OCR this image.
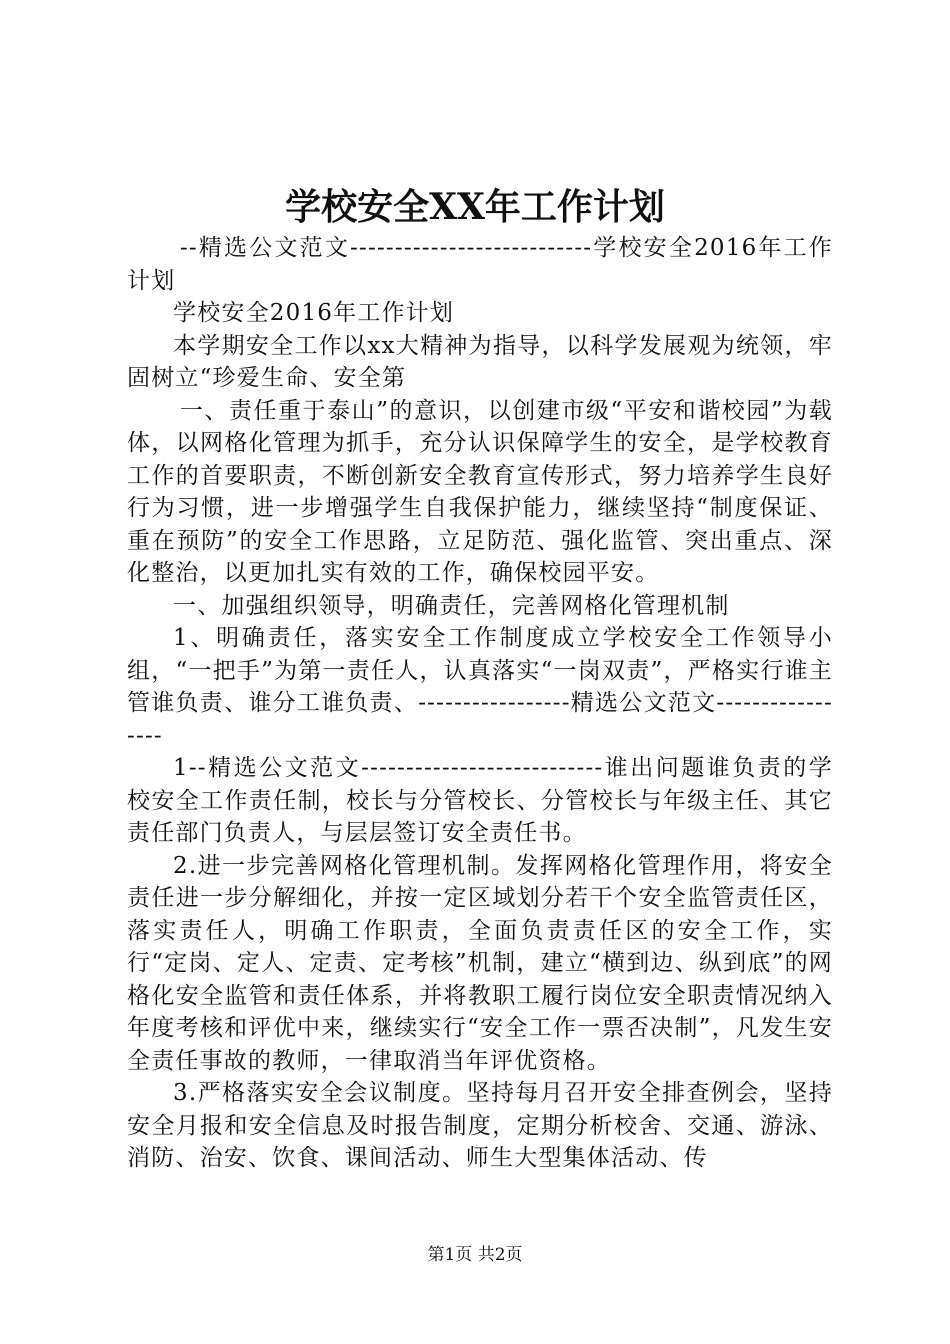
学校安全XX年工作计划

--精选公文范文---------------------------学校安全2016年工作计划

学校安全2016年工作计划

本学期安全工作以xx大精神为指导，以科学发展观为统领，牢固树立“珍爱生命、安全第

一、责任重于泰山”的意识，以创建市级“平安和谐校园”为载体，以网格化管理为抓手，充分认识保障学生的安全，是学校教育工作的首要职责，不断创新安全教育宣传形式，努力培养学生良好行为习惯，进一步增强学生自我保护能力，继续坚持“制度保证、重在预防”的安全工作思路，立足防范、强化监管、突出重点、深化整治，以更加扎实有效的工作，确保校园平安。

一、加强组织领导，明确责任，完善网格化管理机制

1、明确责任，落实安全工作制度成立学校安全工作领导小组，“一把手”为第一责任人，认真落实“一岗双责”，严格实行谁主管谁负责、谁分工谁负责、-----------------精选公文范文-----------------

1--精选公文范文---------------------------谁出问题谁负责的学校安全工作责任制，校长与分管校长、分管校长与年级主任、其它责任部门负责人，与层层签订安全责任书。

2.进一步完善网格化管理机制。发挥网格化管理作用，将安全责任进一步分解细化，并按一定区域划分若干个安全监管责任区，落实责任人，明确工作职责，全面负责责任区的安全工作，实行“定岗、定人、定责、定考核”机制，建立“横到边、纵到底”的网格化安全监管和责任体系，并将教职工履行岗位安全职责情况纳入年度考核和评优中来，继续实行“安全工作一票否决制”，凡发生安全责任事故的教师，一律取消当年评优资格。

3.严格落实安全会议制度。坚持每月召开安全排查例会，坚持安全月报和安全信息及时报告制度，定期分析校舍、交通、游泳、消防、治安、饮食、课间活动、师生大型集体活动、传

第1页 共2页
